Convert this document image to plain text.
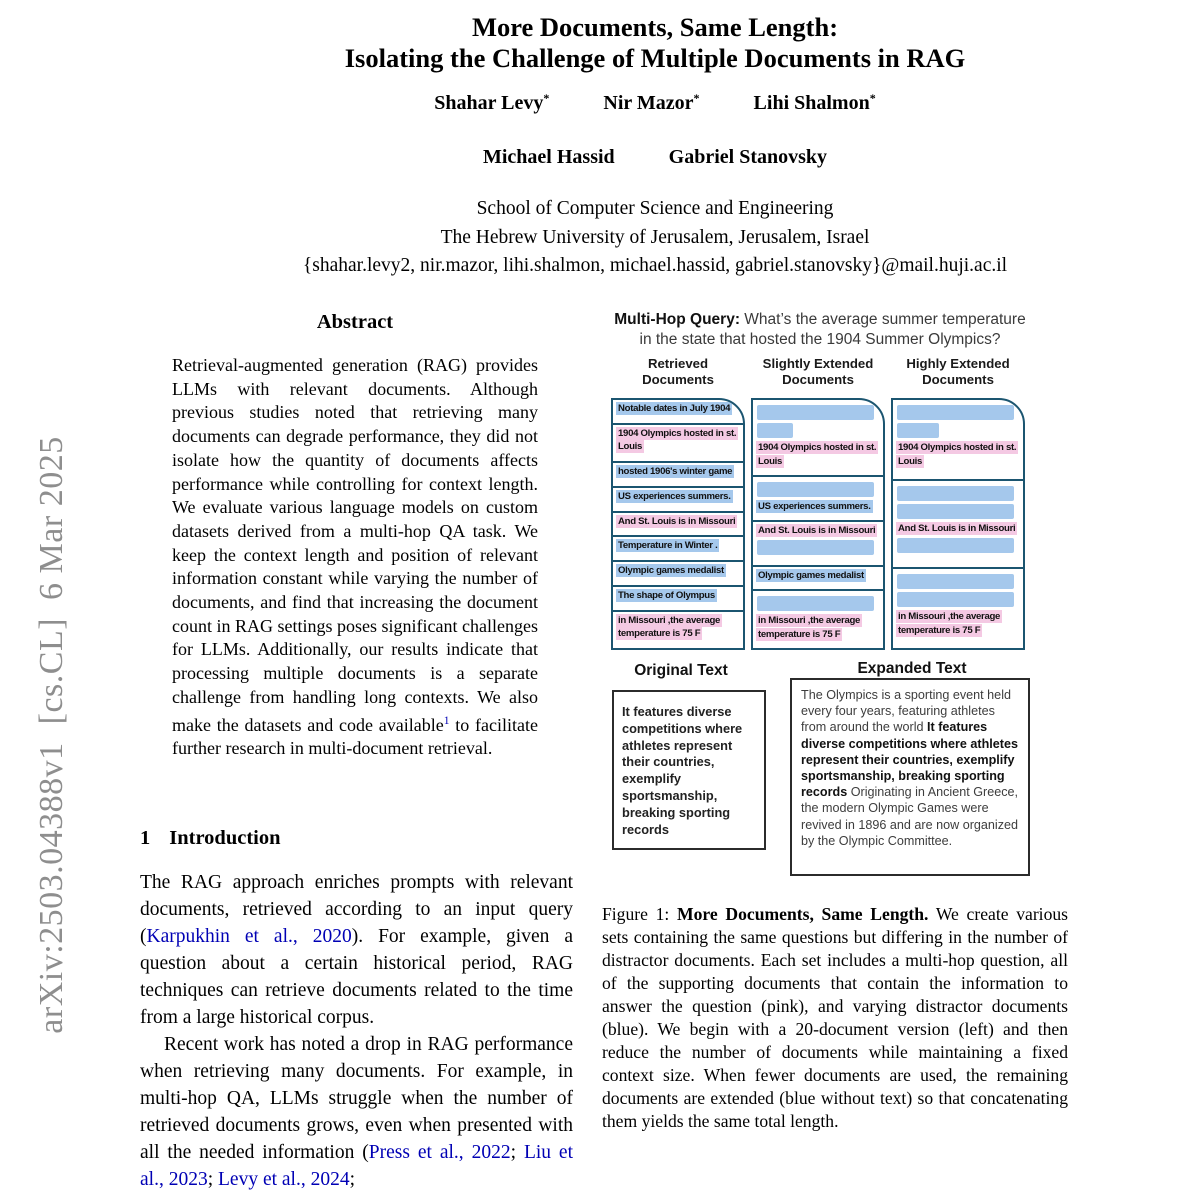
arXiv:2503.04388v1  [cs.CL]  6 Mar 2025
More Documents, Same Length:
Isolating the Challenge of Multiple Documents in RAG
Shahar Levy*	Nir Mazor*	Lihi Shalmon*
Michael Hassid	Gabriel Stanovsky
School of Computer Science and Engineering
The Hebrew University of Jerusalem, Jerusalem, Israel
{shahar.levy2, nir.mazor, lihi.shalmon, michael.hassid, gabriel.stanovsky}@mail.huji.ac.il
Abstract

Retrieval-augmented generation (RAG) provides LLMs with relevant documents. Although previous studies noted that retrieving many documents can degrade performance, they did not isolate how the quantity of documents affects performance while controlling for context length. We evaluate various language models on custom datasets derived from a multi-hop QA task. We keep the context length and position of relevant information constant while varying the number of documents, and find that increasing the document count in RAG settings poses significant challenges for LLMs. Additionally, our results indicate that processing multiple documents is a separate challenge from handling long contexts. We also make the datasets and code available$^1$ to facilitate further research in multi-document retrieval.

1 Introduction

The RAG approach enriches prompts with relevant documents, retrieved according to an input query (Karpukhin et al., 2020). For example, given a question about a certain historical period, RAG techniques can retrieve documents related to the time from a large historical corpus.

Recent work has noted a drop in RAG performance when retrieving many documents. For example, in multi-hop QA, LLMs struggle when the number of retrieved documents grows, even when presented with all the needed information (Press et al., 2022; Liu et al., 2023; Levy et al., 2024;

Multi-Hop Query: What’s the average summer temperature in the state that hosted the 1904 Summer Olympics?
Retrieved
Documents
Slightly Extended
Documents
Highly Extended
Documents
Notable dates in July 1904
1904 Olympics hosted in st. Louis
hosted 1906's winter game
US experiences summers.
And St. Louis is in Missouri
Temperature in Winter .
Olympic games medalist
The shape of Olympus
in Missouri ,the average temperature is 75 F
1904 Olympics hosted in st. Louis
US experiences summers.
And St. Louis is in Missouri
Olympic games medalist
in Missouri ,the average temperature is 75 F
1904 Olympics hosted in st. Louis
And St. Louis is in Missouri
in Missouri ,the average temperature is 75 F
Original Text	Expanded Text
It features diverse competitions where athletes represent their countries, exemplify sportsmanship, breaking sporting records
The Olympics is a sporting event held every four years, featuring athletes from around the world It features diverse competitions where athletes represent their countries, exemplify sportsmanship, breaking sporting records Originating in Ancient Greece, the modern Olympic Games were revived in 1896 and are now organized by the Olympic Committee.

Figure 1: More Documents, Same Length. We create various sets containing the same questions but differing in the number of distractor documents. Each set includes a multi-hop question, all of the supporting documents that contain the information to answer the question (pink), and varying distractor documents (blue). We begin with a 20-document version (left) and then reduce the number of documents while maintaining a fixed context size. When fewer documents are used, the remaining documents are extended (blue without text) so that concatenating them yields the same total length.
